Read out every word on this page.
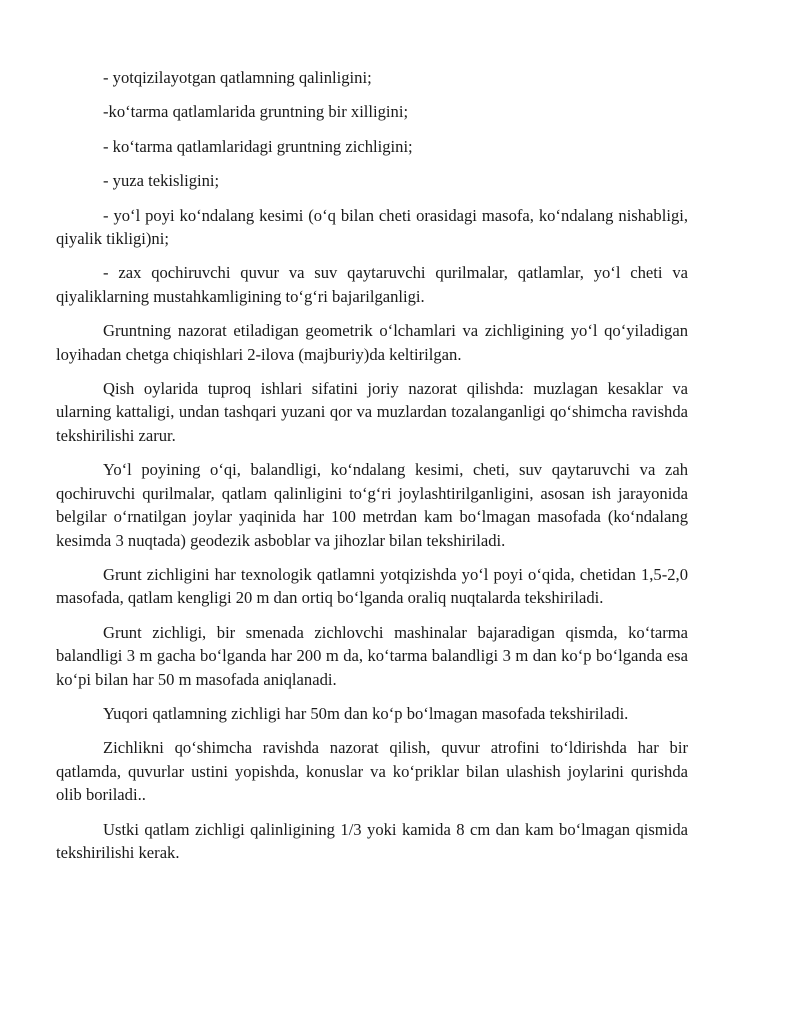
- yotqizilayotgan qatlamning qalinligini;

-ko‘tarma qatlamlarida gruntning bir xilligini;

- ko‘tarma qatlamlaridagi gruntning zichligini;

- yuza tekisligini;

- yo‘l poyi ko‘ndalang kesimi (o‘q bilan cheti orasidagi masofa, ko‘ndalang nishabligi, qiyalik tikligi)ni;

- zax qochiruvchi quvur va suv qaytaruvchi qurilmalar, qatlamlar, yo‘l cheti va qiyaliklarning mustahkamligining to‘g‘ri bajarilganligi.

Gruntning nazorat etiladigan geometrik o‘lchamlari va zichligining yo‘l qo‘yiladigan loyihadan chetga chiqishlari 2-ilova (majburiy)da keltirilgan.

Qish oylarida tuproq ishlari sifatini joriy nazorat qilishda: muzlagan kesaklar va ularning kattaligi, undan tashqari yuzani qor va muzlardan tozalanganligi qo‘shimcha ravishda tekshirilishi zarur.

Yo‘l poyining o‘qi, balandligi, ko‘ndalang kesimi, cheti, suv qaytaruvchi va zah qochiruvchi qurilmalar, qatlam qalinligini to‘g‘ri joylashtirilganligini, asosan ish jarayonida belgilar o‘rnatilgan joylar yaqinida har 100 metrdan kam bo‘lmagan masofada (ko‘ndalang kesimda 3 nuqtada) geodezik asboblar va jihozlar bilan tekshiriladi.

Grunt zichligini har texnologik qatlamni yotqizishda yo‘l poyi o‘qida, chetidan 1,5-2,0 masofada, qatlam kengligi 20 m dan ortiq bo‘lganda oraliq nuqtalarda tekshiriladi.

Grunt zichligi, bir smenada zichlovchi mashinalar bajaradigan qismda, ko‘tarma balandligi 3 m gacha bo‘lganda har 200 m da, ko‘tarma balandligi 3 m dan ko‘p bo‘lganda esa ko‘pi bilan har 50 m masofada aniqlanadi.

Yuqori qatlamning zichligi har 50m dan ko‘p bo‘lmagan masofada tekshiriladi.

Zichlikni qo‘shimcha ravishda nazorat qilish, quvur atrofini to‘ldirishda har bir qatlamda, quvurlar ustini yopishda, konuslar va ko‘priklar bilan ulashish joylarini qurishda olib boriladi..

Ustki qatlam zichligi qalinligining 1/3 yoki kamida 8 cm dan kam bo‘lmagan qismida tekshirilishi kerak.
